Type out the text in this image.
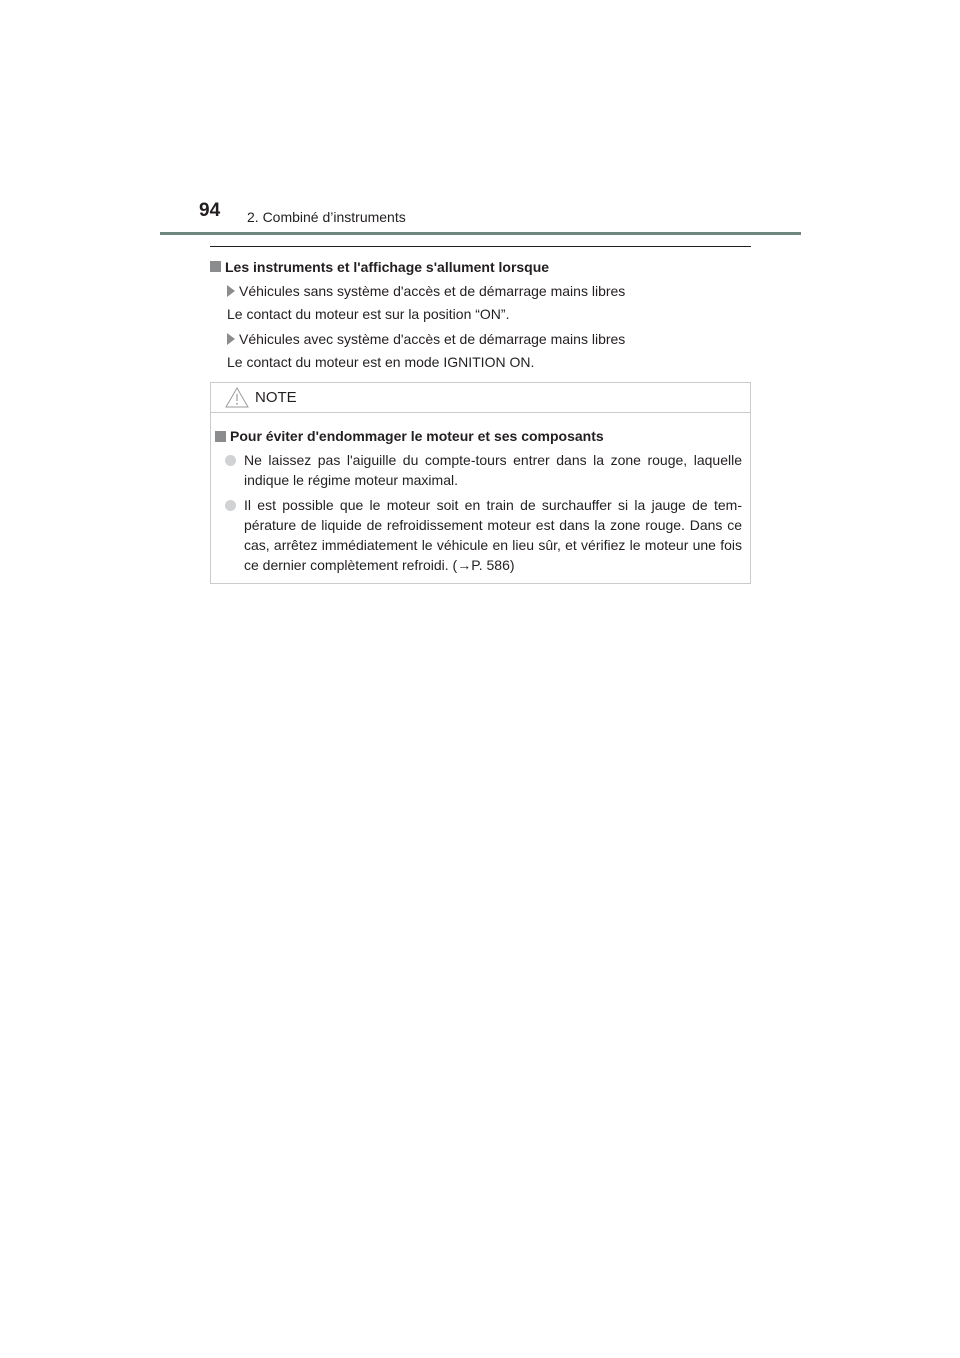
94 2. Combiné d’instruments
Les instruments et l'affichage s'allument lorsque
Véhicules sans système d'accès et de démarrage mains libres
Le contact du moteur est sur la position “ON”.
Véhicules avec système d'accès et de démarrage mains libres
Le contact du moteur est en mode IGNITION ON.
NOTE
Pour éviter d'endommager le moteur et ses composants
Ne laissez pas l'aiguille du compte-tours entrer dans la zone rouge, laquelle indique le régime moteur maximal.
Il est possible que le moteur soit en train de surchauffer si la jauge de tem-pérature de liquide de refroidissement moteur est dans la zone rouge. Dans ce cas, arrêtez immédiatement le véhicule en lieu sûr, et vérifiez le moteur une fois ce dernier complètement refroidi. (→P. 586)
